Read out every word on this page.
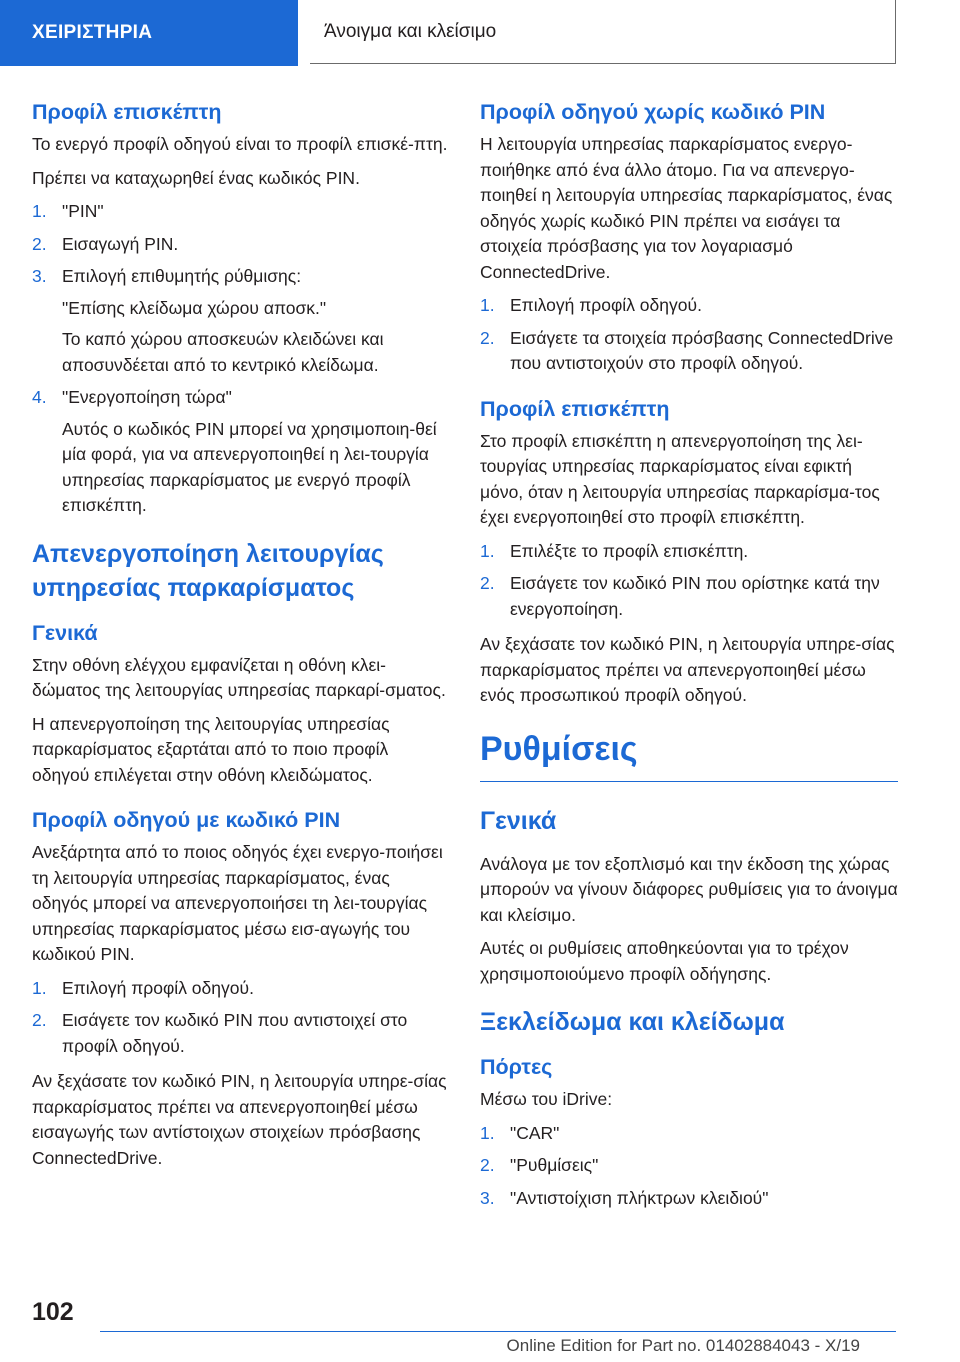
ΧΕΙΡΙΣΤΗΡΙΑ	Άνοιγμα και κλείσιμο
Προφίλ επισκέπτη

Το ενεργό προφίλ οδηγού είναι το προφίλ επισκέ-πτη.

Πρέπει να καταχωρηθεί ένας κωδικός PIN.

1. "PIN"
2. Εισαγωγή PIN.
3. Επιλογή επιθυμητής ρύθμισης:
"Επίσης κλείδωμα χώρου αποσκ."
Το καπό χώρου αποσκευών κλειδώνει και αποσυνδέεται από το κεντρικό κλείδωμα.
4. "Ενεργοποίηση τώρα"
Αυτός ο κωδικός PIN μπορεί να χρησιμοποιη-θεί μία φορά, για να απενεργοποιηθεί η λει-τουργία υπηρεσίας παρκαρίσματος με ενεργό προφίλ επισκέπτη.
Απενεργοποίηση λειτουργίας υπηρεσίας παρκαρίσματος
Γενικά

Στην οθόνη ελέγχου εμφανίζεται η οθόνη κλει-δώματος της λειτουργίας υπηρεσίας παρκαρί-σματος.

Η απενεργοποίηση της λειτουργίας υπηρεσίας παρκαρίσματος εξαρτάται από το ποιο προφίλ οδηγού επιλέγεται στην οθόνη κλειδώματος.

Προφίλ οδηγού με κωδικό PIN

Ανεξάρτητα από το ποιος οδηγός έχει ενεργο-ποιήσει τη λειτουργία υπηρεσίας παρκαρίσματος, ένας οδηγός μπορεί να απενεργοποιήσει τη λει-τουργίας υπηρεσίας παρκαρίσματος μέσω εισ-αγωγής του κωδικού PIN.

1. Επιλογή προφίλ οδηγού.
2. Εισάγετε τον κωδικό PIN που αντιστοιχεί στο προφίλ οδηγού.

Αν ξεχάσατε τον κωδικό PIN, η λειτουργία υπηρε-σίας παρκαρίσματος πρέπει να απενεργοποιηθεί μέσω εισαγωγής των αντίστοιχων στοιχείων πρόσβασης ConnectedDrive.

Προφίλ οδηγού χωρίς κωδικό PIN

Η λειτουργία υπηρεσίας παρκαρίσματος ενεργο-ποιήθηκε από ένα άλλο άτομο. Για να απενεργο-ποιηθεί η λειτουργία υπηρεσίας παρκαρίσματος, ένας οδηγός χωρίς κωδικό PIN πρέπει να εισάγει τα στοιχεία πρόσβασης για τον λογαριασμό ConnectedDrive.

1. Επιλογή προφίλ οδηγού.
2. Εισάγετε τα στοιχεία πρόσβασης ConnectedDrive που αντιστοιχούν στο προφίλ οδηγού.
Προφίλ επισκέπτη

Στο προφίλ επισκέπτη η απενεργοποίηση της λει-τουργίας υπηρεσίας παρκαρίσματος είναι εφικτή μόνο, όταν η λειτουργία υπηρεσίας παρκαρίσμα-τος έχει ενεργοποιηθεί στο προφίλ επισκέπτη.

1. Επιλέξτε το προφίλ επισκέπτη.
2. Εισάγετε τον κωδικό PIN που ορίστηκε κατά την ενεργοποίηση.

Αν ξεχάσατε τον κωδικό PIN, η λειτουργία υπηρε-σίας παρκαρίσματος πρέπει να απενεργοποιηθεί μέσω ενός προσωπικού προφίλ οδηγού.

Ρυθμίσεις
Γενικά

Ανάλογα με τον εξοπλισμό και την έκδοση της χώρας μπορούν να γίνουν διάφορες ρυθμίσεις για το άνοιγμα και κλείσιμο.

Αυτές οι ρυθμίσεις αποθηκεύονται για το τρέχον χρησιμοποιούμενο προφίλ οδήγησης.

Ξεκλείδωμα και κλείδωμα
Πόρτες

Μέσω του iDrive:

1. "CAR"
2. "Ρυθμίσεις"
3. "Αντιστοίχιση πλήκτρων κλειδιού"
102
Online Edition for Part no. 01402884043 - X/19
